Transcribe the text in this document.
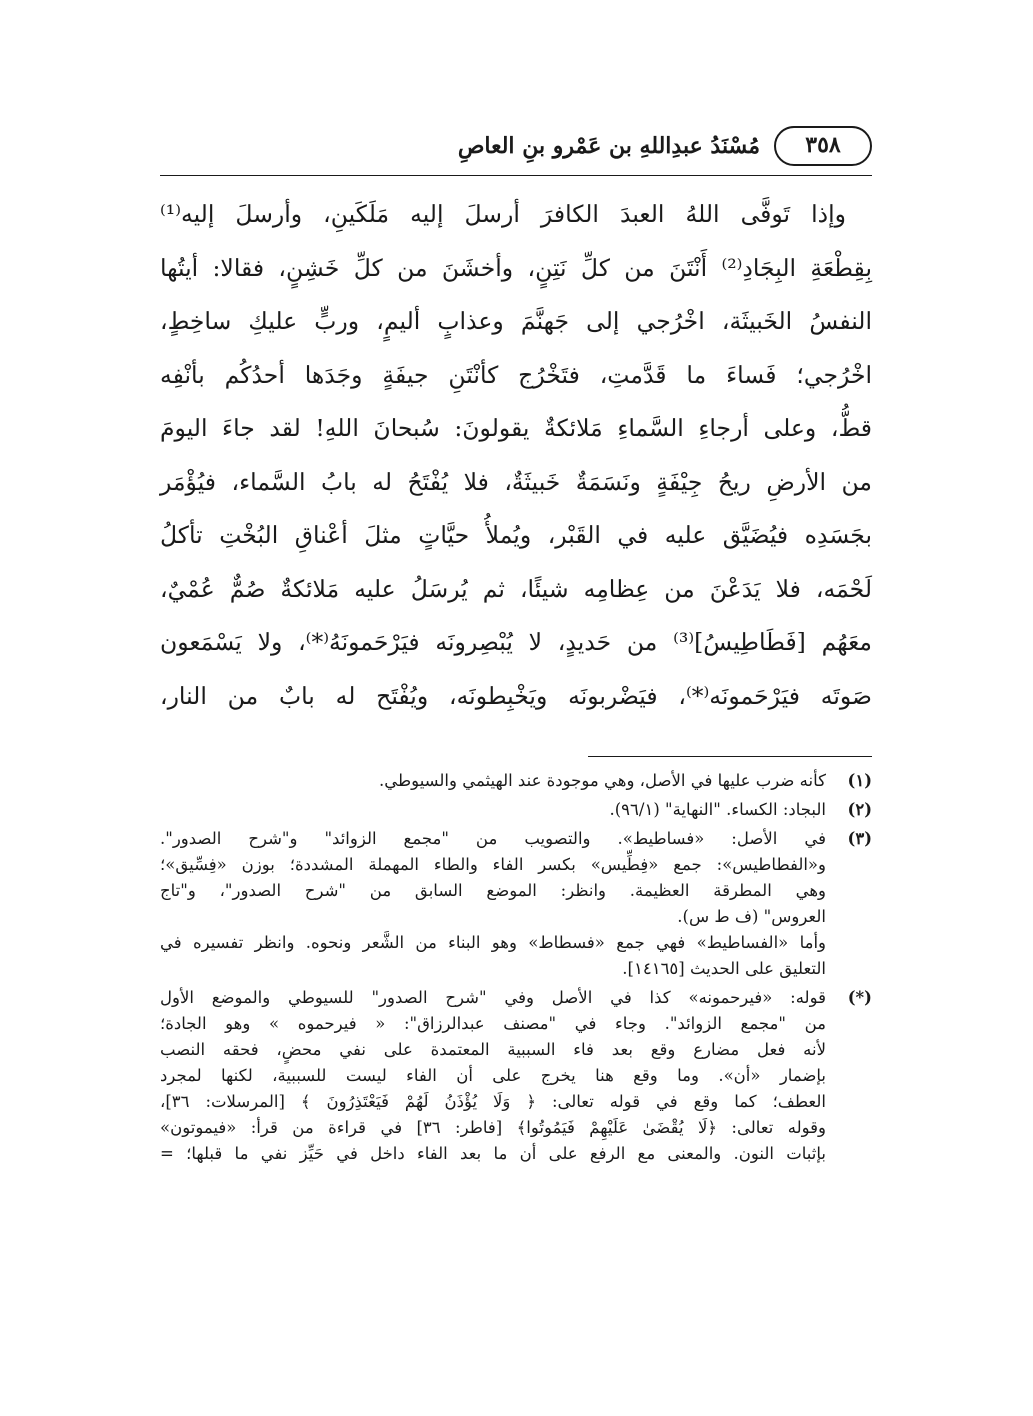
٣٥٨
مُسْنَدُ عبدِاللهِ بن عَمْرو بنِ العاصِ
وإذا تَوفَّى اللهُ العبدَ الكافرَ أرسلَ إليه مَلَكَينِ، وأرسلَ إليه⁽¹⁾
بِقِطْعَةِ البِجَادِ⁽²⁾ أَنْتَنَ من كلِّ نَتِنٍ، وأخشَنَ من كلِّ خَشِنٍ، فقالا: أيتُها
النفسُ الخَبيثَة، اخْرُجي إلى جَهنَّمَ وعذابٍ أليمٍ، وربٍّ عليكِ ساخِطٍ،
اخْرُجي؛ فَساءَ ما قَدَّمتِ، فتَخْرُج كأنْتَنِ جيفَةٍ وجَدَها أحدُكُم بأنْفِه
قطُّ، وعلى أرجاءِ السَّماءِ مَلائكةٌ يقولونَ: سُبحانَ اللهِ! لقد جاءَ اليومَ
من الأرضِ ريحُ جِيْفَةٍ ونَسَمَةٌ خَبيثَةٌ، فلا يُفْتَحُ له بابُ السَّماء، فيُؤْمَر
بجَسَدِه فيُضَيَّق عليه في القَبْر، ويُملأُ حيَّاتٍ مثلَ أعْناقِ البُخْتِ تأكلُ
لَحْمَه، فلا يَدَعْنَ من عِظامِه شيئًا، ثم يُرسَلُ عليه مَلائكةٌ صُمٌّ عُمْيٌ،
معَهُم [فَطَاطِيسُ]⁽³⁾ من حَديدٍ، لا يُبْصِرونَه فيَرْحَمونَهُ⁽*⁾، ولا يَسْمَعون
صَوتَه فيَرْحَمونَه⁽*⁾، فيَضْربونَه ويَخْبِطونَه، ويُفْتَح له بابٌ من النار،
(١)
كأنه ضرب عليها في الأصل، وهي موجودة عند الهيثمي والسيوطي.
(٢)
البجاد: الكساء. "النهاية" (٩٦/١).
(٣)
في الأصل: «فساطيط». والتصويب من "مجمع الزوائد" و"شرح الصدور".
و«الفطاطيس»: جمع «فِطِّيس» بكسر الفاء والطاء المهملة المشددة؛ بوزن «فِسِّيق»؛
وهي المطرقة العظيمة. وانظر: الموضع السابق من "شرح الصدور"، و"تاج
العروس" (ف ط س).
وأما «الفساطيط» فهي جمع «فسطاط» وهو البناء من الشَّعر ونحوه. وانظر تفسيره في
التعليق على الحديث [١٤١٦٥].
(*)
قوله: «فيرحمونه» كذا في الأصل وفي "شرح الصدور" للسيوطي والموضع الأول
من "مجمع الزوائد". وجاء في "مصنف عبدالرزاق": « فيرحموه » وهو الجادة؛
لأنه فعل مضارع وقع بعد فاء السببية المعتمدة على نفي محضٍ، فحقه النصب
بإضمار «أن». وما وقع هنا يخرج على أن الفاء ليست للسببية، لكنها لمجرد
العطف؛ كما وقع في قوله تعالى: ﴿ وَلَا يُؤْذَنُ لَهُمْ فَيَعْتَذِرُونَ ﴾ [المرسلات: ٣٦]،
وقوله تعالى: ﴿لَا يُقْضَىٰ عَلَيْهِمْ فَيَمُوتُوا﴾ [فاطر: ٣٦] في قراءة من قرأ: «فيموتون»
بإثبات النون. والمعنى مع الرفع على أن ما بعد الفاء داخل في حَيِّز نفي ما قبلها؛ =
